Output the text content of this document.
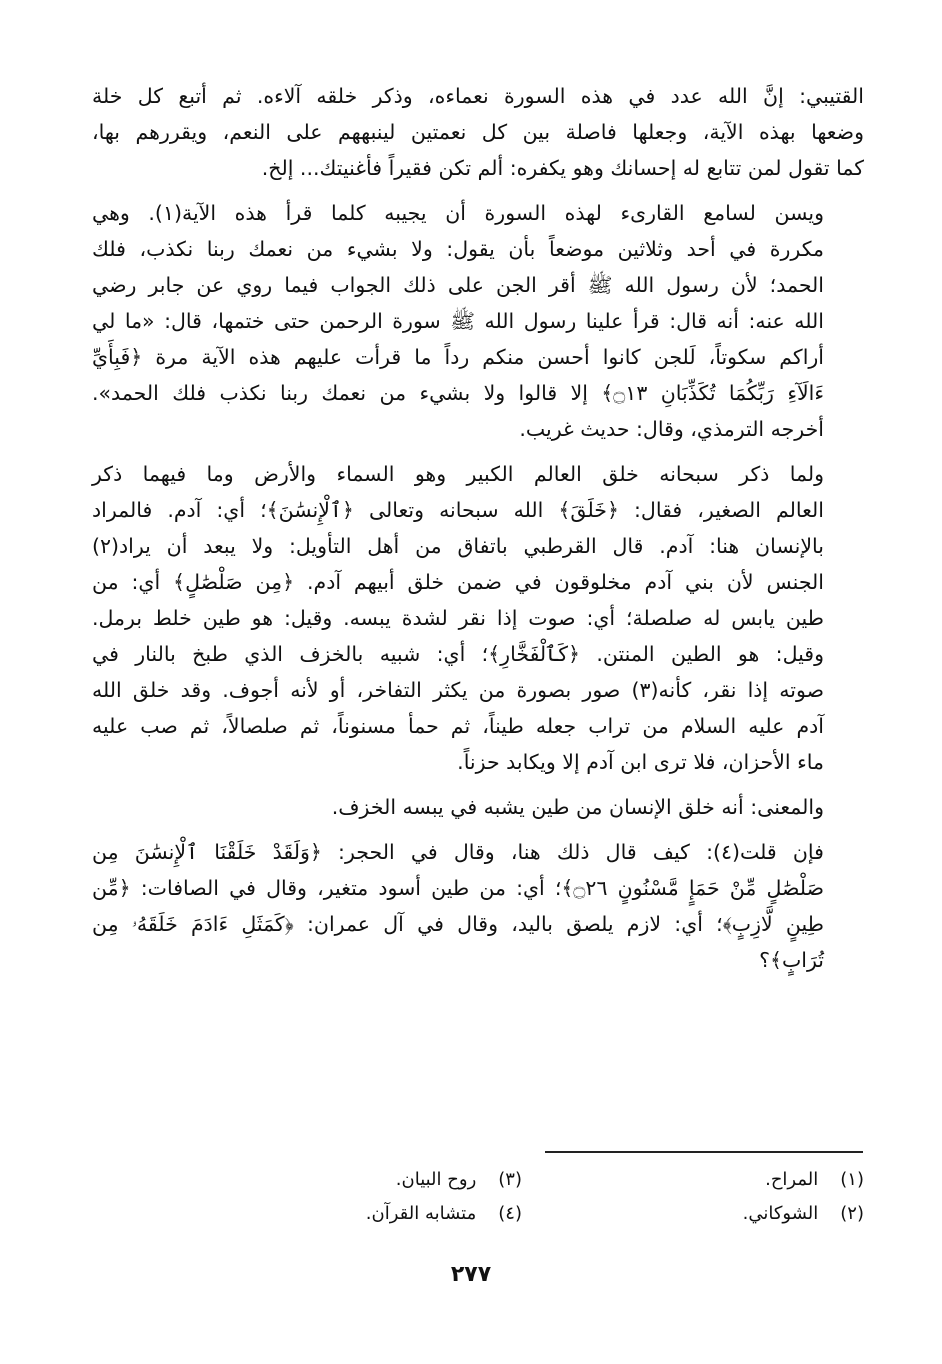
القتيبي: إنَّ الله عدد في هذه السورة نعماءه، وذكر خلقه آلاءه. ثم أتبع كل خلة
وضعها بهذه الآية، وجعلها فاصلة بين كل نعمتين لينبههم على النعم، ويقررهم بها،
كما تقول لمن تتابع له إحسانك وهو يكفره: ألم تكن فقيراً فأغنيتك... إلخ.
ويسن لسامع القارىء لهذه السورة أن يجيبه كلما قرأ هذه الآية(١). وهي
مكررة في أحد وثلاثين موضعاً بأن يقول: ولا بشيء من نعمك ربنا نكذب، فلك
الحمد؛ لأن رسول الله ﷺ أقر الجن على ذلك الجواب فيما روي عن جابر رضي
الله عنه: أنه قال: قرأ علينا رسول الله ﷺ سورة الرحمن حتى ختمها، قال: «ما لي
أراكم سكوتاً، لَلجن كانوا أحسن منكم رداً ما قرأت عليهم هذه الآية مرة ﴿فَبِأَيِّ
ءَالَآءِ رَبِّكُمَا تُكَذِّبَانِ ۝١٣﴾ إلا قالوا ولا بشيء من نعمك ربنا نكذب فلك الحمد».
أخرجه الترمذي، وقال: حديث غريب.
ولما ذكر سبحانه خلق العالم الكبير وهو السماء والأرض وما فيهما ذكر
العالم الصغير، فقال: ﴿خَلَقَ﴾ الله سبحانه وتعالى ﴿ٱلْإِنسَٰنَ﴾؛ أي: آدم. فالمراد
بالإنسان هنا: آدم. قال القرطبي باتفاق من أهل التأويل: ولا يبعد أن يراد(٢)
الجنس لأن بني آدم مخلوقون في ضمن خلق أبيهم آدم. ﴿مِن صَلْصَٰلٍ﴾ أي: من
طين يابس له صلصلة؛ أي: صوت إذا نقر لشدة يبسه. وقيل: هو طين خلط برمل.
وقيل: هو الطين المنتن. ﴿كَٱلْفَخَّارِ﴾؛ أي: شبيه بالخزف الذي طبخ بالنار في
صوته إذا نقر، كأنه(٣) صور بصورة من يكثر التفاخر، أو لأنه أجوف. وقد خلق الله
آدم عليه السلام من تراب جعله طيناً، ثم حمأ مسنوناً، ثم صلصالاً، ثم صب عليه
ماء الأحزان، فلا ترى ابن آدم إلا ويكابد حزناً.
والمعنى: أنه خلق الإنسان من طين يشبه في يبسه الخزف.
فإن قلت(٤): كيف قال ذلك هنا، وقال في الحجر: ﴿وَلَقَدْ خَلَقْنَا ٱلْإِنسَٰنَ مِن
صَلْصَٰلٍ مِّنْ حَمَإٍ مَّسْنُونٍ ۝٢٦﴾؛ أي: من طين أسود متغير، وقال في الصافات: ﴿مِّن
طِينٍ لَّازِبٍ﴾؛ أي: لازم يلصق باليد، وقال في آل عمران: ﴿كَمَثَلِ ءَادَمَ خَلَقَهُۥ مِن
تُرَابٍ﴾؟
(١) المراح.
(٣) روح البيان.
(٢) الشوكاني.
(٤) متشابه القرآن.
٢٧٧
